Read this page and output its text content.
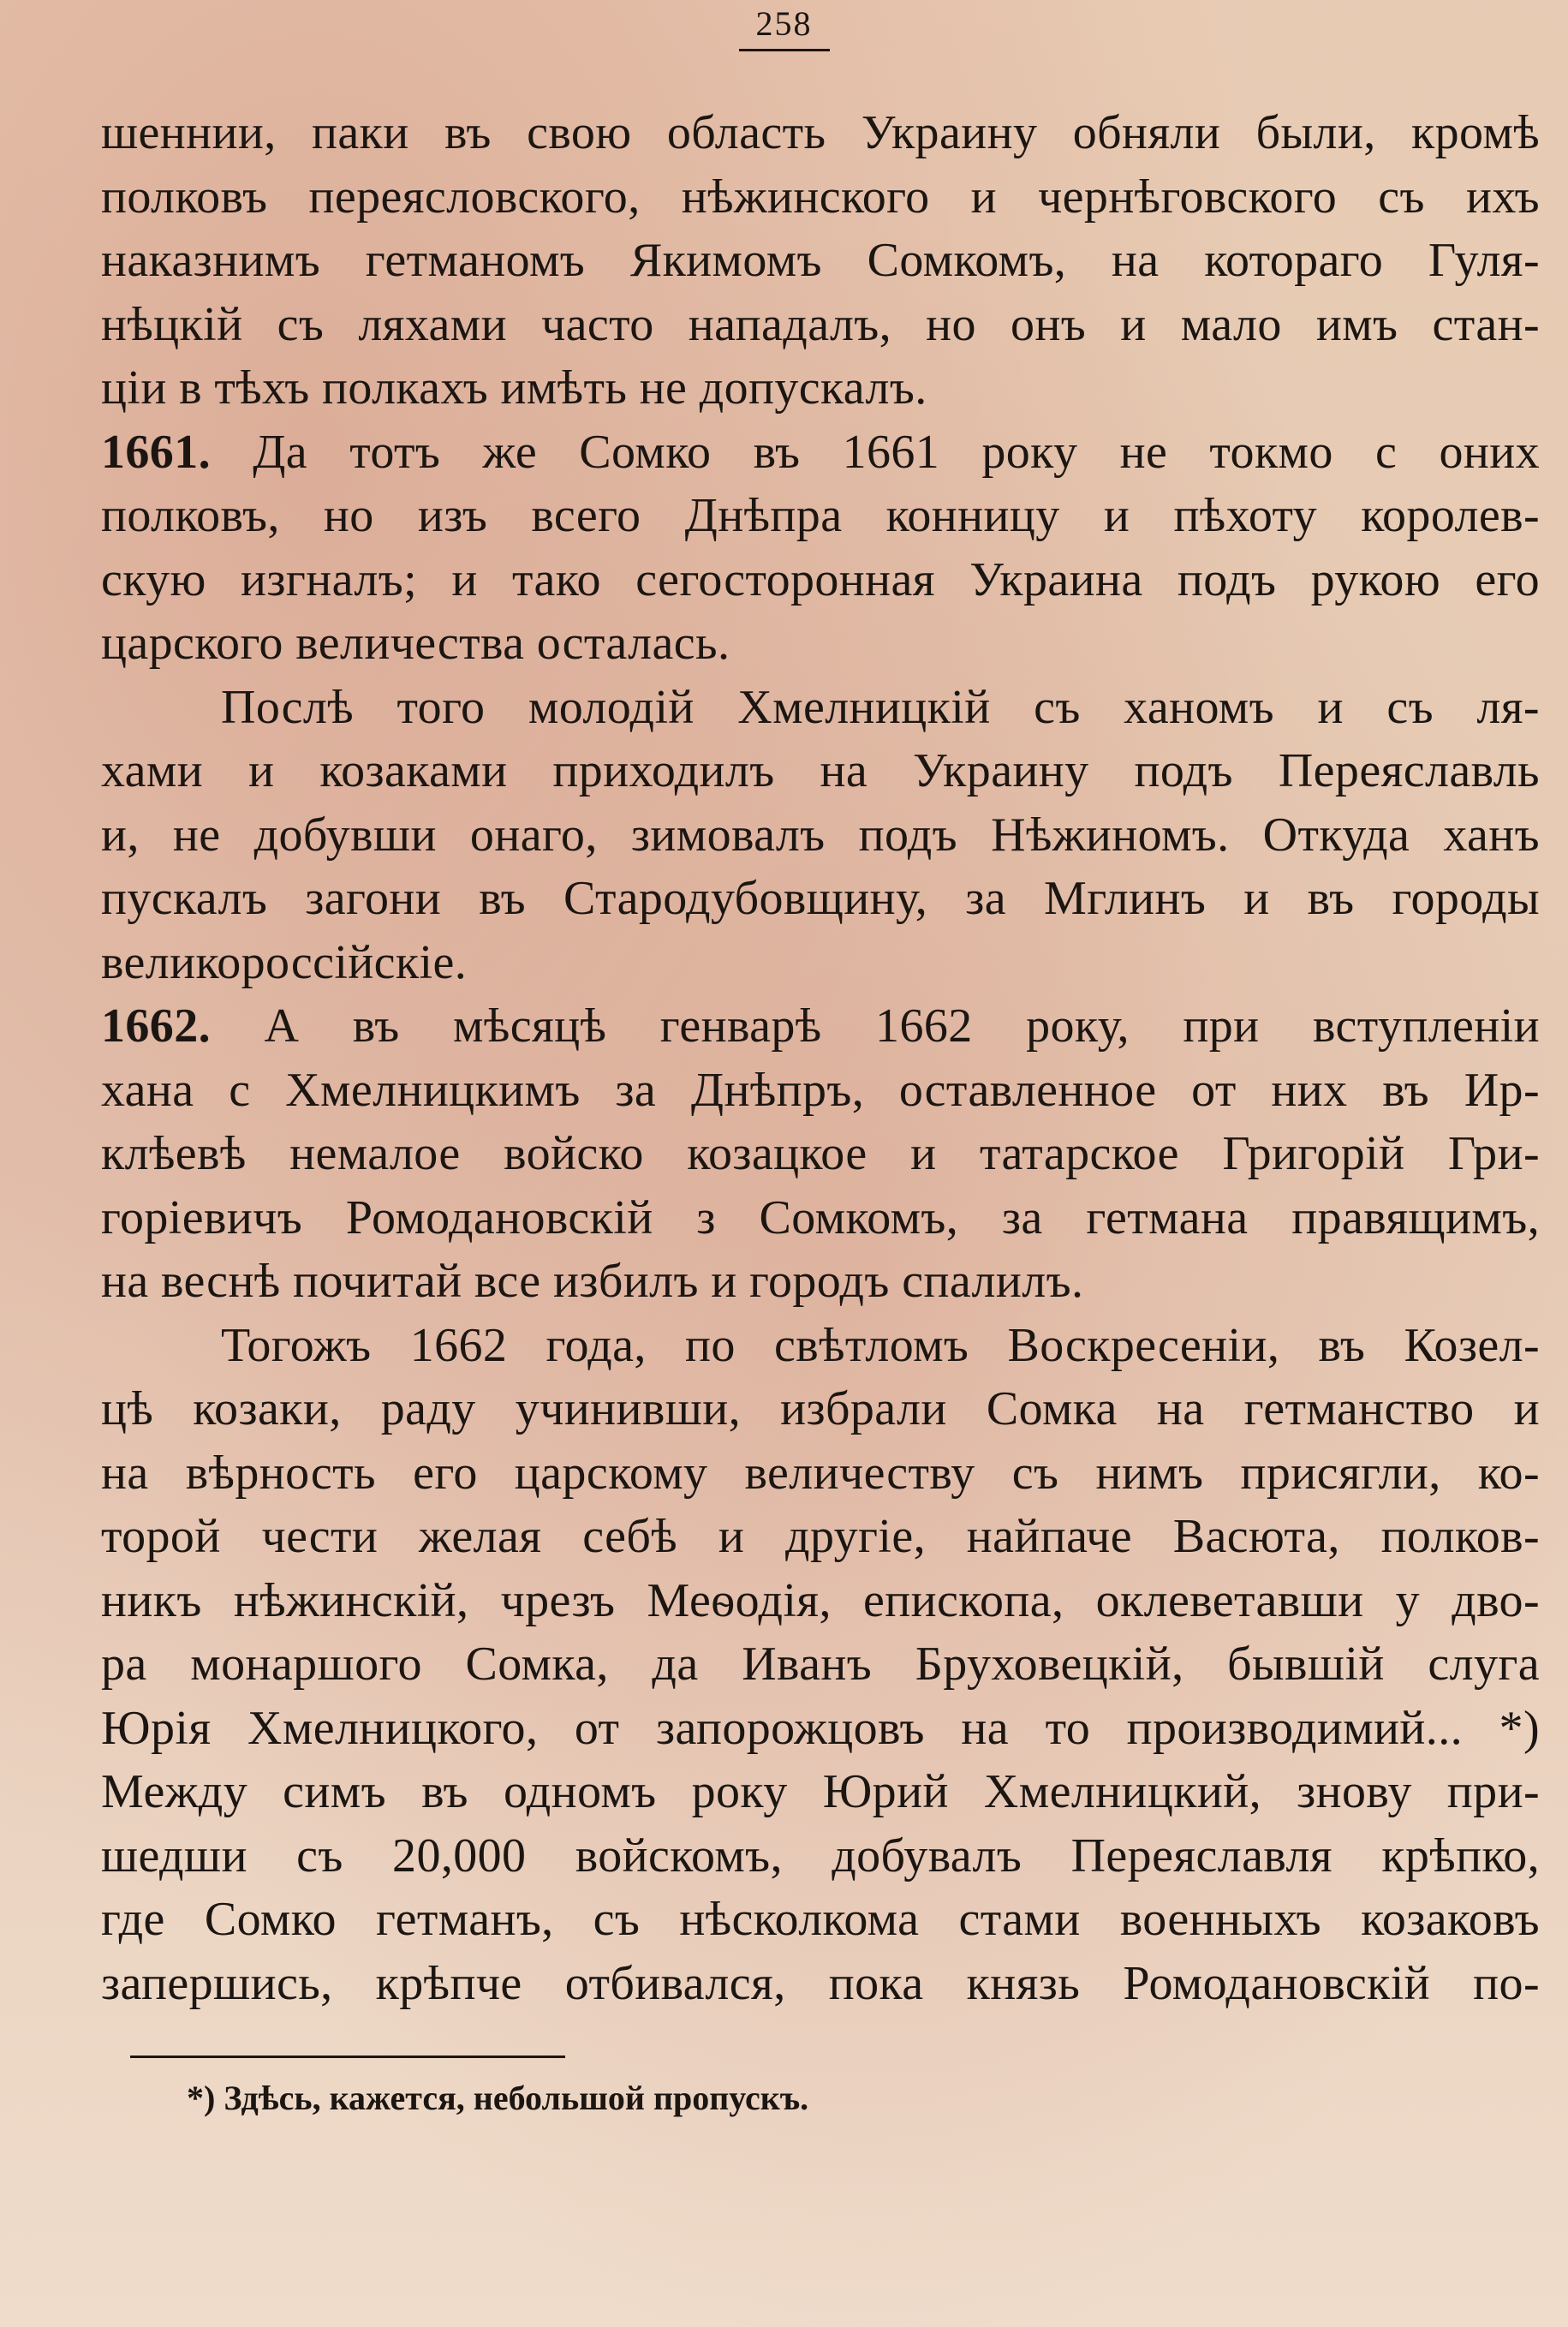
258
шеннии, паки въ свою область Украину обняли были, кромѣ
полковъ переясловского, нѣжинского и чернѣговского съ ихъ
наказнимъ гетманомъ Якимомъ Сомкомъ, на котораго Гуля-
нѣцкій съ ляхами часто нападалъ, но онъ и мало имъ стан-
ціи в тѣхъ полкахъ имѣть не допускалъ.
1661. Да тотъ же Сомко въ 1661 року не токмо с оних
полковъ, но изъ всего Днѣпра конницу и пѣхоту королев-
скую изгналъ; и тако сегосторонная Украина подъ рукою его
царского величества осталась.
Послѣ того молодій Хмелницкій съ ханомъ и съ ля-
хами и козаками приходилъ на Украину подъ Переяславль
и, не добувши онаго, зимовалъ подъ Нѣжиномъ. Откуда ханъ
пускалъ загони въ Стародубовщину, за Мглинъ и въ городы
великороссійскіе.
1662. А въ мѣсяцѣ генварѣ 1662 року, при вступленіи
хана с Хмелницкимъ за Днѣпръ, оставленное от них въ Ир-
клѣевѣ немалое войско козацкое и татарское Григорій Гри-
горіевичъ Ромодановскій з Сомкомъ, за гетмана правящимъ,
на веснѣ почитай все избилъ и городъ спалилъ.
Тогожъ 1662 года, по свѣтломъ Воскресеніи, въ Козел-
цѣ козаки, раду учинивши, избрали Сомка на гетманство и
на вѣрность его царскому величеству съ нимъ присягли, ко-
торой чести желая себѣ и другіе, найпаче Васюта, полков-
никъ нѣжинскій, чрезъ Меѳодія, епископа, оклеветавши у дво-
ра монаршого Сомка, да Иванъ Бруховецкій, бывшій слуга
Юрія Хмелницкого, от запорожцовъ на то производимий... *)
Между симъ въ одномъ року Юрий Хмелницкий, знову при-
шедши съ 20,000 войскомъ, добувалъ Переяславля крѣпко,
где Сомко гетманъ, съ нѣсколкома стами военныхъ козаковъ
запершись, крѣпче отбивался, пока князь Ромодановскій по-
*) Здѣсь, кажется, небольшой пропускъ.
